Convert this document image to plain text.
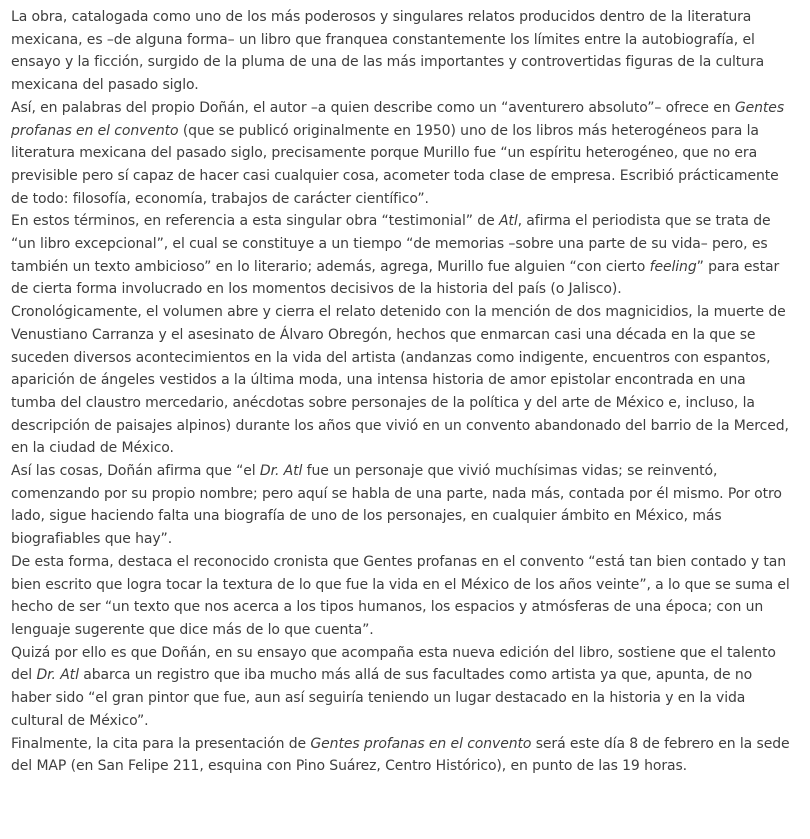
La obra, catalogada como uno de los más poderosos y singulares relatos producidos dentro de la literatura mexicana, es –de alguna forma– un libro que franquea constantemente los límites entre la autobiografía, el ensayo y la ficción, surgido de la pluma de una de las más importantes y controvertidas figuras de la cultura mexicana del pasado siglo.

Así, en palabras del propio Doñán, el autor –a quien describe como un “aventurero absoluto”– ofrece en Gentes profanas en el convento (que se publicó originalmente en 1950) uno de los libros más heterogéneos para la literatura mexicana del pasado siglo, precisamente porque Murillo fue “un espíritu heterogéneo, que no era previsible pero sí capaz de hacer casi cualquier cosa, acometer toda clase de empresa. Escribió prácticamente de todo: filosofía, economía, trabajos de carácter científico”.

En estos términos, en referencia a esta singular obra “testimonial” de Atl, afirma el periodista que se trata de “un libro excepcional”, el cual se constituye a un tiempo “de memorias –sobre una parte de su vida– pero, es también un texto ambicioso” en lo literario; además, agrega, Murillo fue alguien “con cierto feeling” para estar de cierta forma involucrado en los momentos decisivos de la historia del país (o Jalisco).

Cronológicamente, el volumen abre y cierra el relato detenido con la mención de dos magnicidios, la muerte de Venustiano Carranza y el asesinato de Álvaro Obregón, hechos que enmarcan casi una década en la que se suceden diversos acontecimientos en la vida del artista (andanzas como indigente, encuentros con espantos, aparición de ángeles vestidos a la última moda, una intensa historia de amor epistolar encontrada en una tumba del claustro mercedario, anécdotas sobre personajes de la política y del arte de México e, incluso, la descripción de paisajes alpinos) durante los años que vivió en un convento abandonado del barrio de la Merced, en la ciudad de México.

Así las cosas, Doñán afirma que “el Dr. Atl fue un personaje que vivió muchísimas vidas; se reinventó, comenzando por su propio nombre; pero aquí se habla de una parte, nada más, contada por él mismo. Por otro lado, sigue haciendo falta una biografía de uno de los personajes, en cualquier ámbito en México, más biografiables que hay”.

De esta forma, destaca el reconocido cronista que Gentes profanas en el convento “está tan bien contado y tan bien escrito que logra tocar la textura de lo que fue la vida en el México de los años veinte”, a lo que se suma el hecho de ser “un texto que nos acerca a los tipos humanos, los espacios y atmósferas de una época; con un lenguaje sugerente que dice más de lo que cuenta”.

Quizá por ello es que Doñán, en su ensayo que acompaña esta nueva edición del libro, sostiene que el talento del Dr. Atl abarca un registro que iba mucho más allá de sus facultades como artista ya que, apunta, de no haber sido “el gran pintor que fue, aun así seguiría teniendo un lugar destacado en la historia y en la vida cultural de México”.

Finalmente, la cita para la presentación de Gentes profanas en el convento será este día 8 de febrero en la sede del MAP (en San Felipe 211, esquina con Pino Suárez, Centro Histórico), en punto de las 19 horas.
